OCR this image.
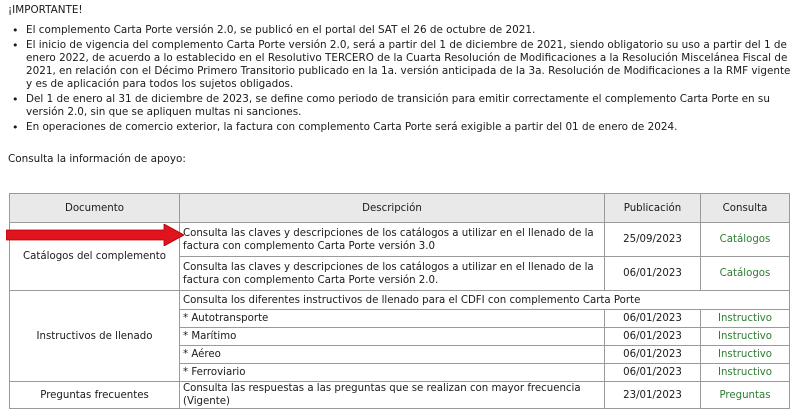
¡IMPORTANTE!
• El complemento Carta Porte versión 2.0, se publicó en el portal del SAT el 26 de octubre de 2021.
• El inicio de vigencia del complemento Carta Porte versión 2.0, será a partir del 1 de diciembre de 2021, siendo obligatorio su uso a partir del 1 de enero 2022, de acuerdo a lo establecido en el Resolutivo TERCERO de la Cuarta Resolución de Modificaciones a la Resolución Miscelánea Fiscal de 2021, en relación con el Décimo Primero Transitorio publicado en la 1a. versión anticipada de la 3a. Resolución de Modificaciones a la RMF vigente y es de aplicación para todos los sujetos obligados.
• Del 1 de enero al 31 de diciembre de 2023, se define como periodo de transición para emitir correctamente el complemento Carta Porte en su versión 2.0, sin que se apliquen multas ni sanciones.
• En operaciones de comercio exterior, la factura con complemento Carta Porte será exigible a partir del 01 de enero de 2024.
Consulta la información de apoyo:
Documento	Descripción	Publicación	Consulta
Catálogos del complemento	Consulta las claves y descripciones de los catálogos a utilizar en el llenado de la factura con complemento Carta Porte versión 3.0	25/09/2023	Catálogos
	Consulta las claves y descripciones de los catálogos a utilizar en el llenado de la factura con complemento Carta Porte versión 2.0.	06/01/2023	Catálogos
Instructivos de llenado	Consulta los diferentes instructivos de llenado para el CDFI con complemento Carta Porte		
	* Autotransporte	06/01/2023	Instructivo
	* Marítimo	06/01/2023	Instructivo
	* Aéreo	06/01/2023	Instructivo
	* Ferroviario	06/01/2023	Instructivo
Preguntas frecuentes	Consulta las respuestas a las preguntas que se realizan con mayor frecuencia (Vigente)	23/01/2023	Preguntas
